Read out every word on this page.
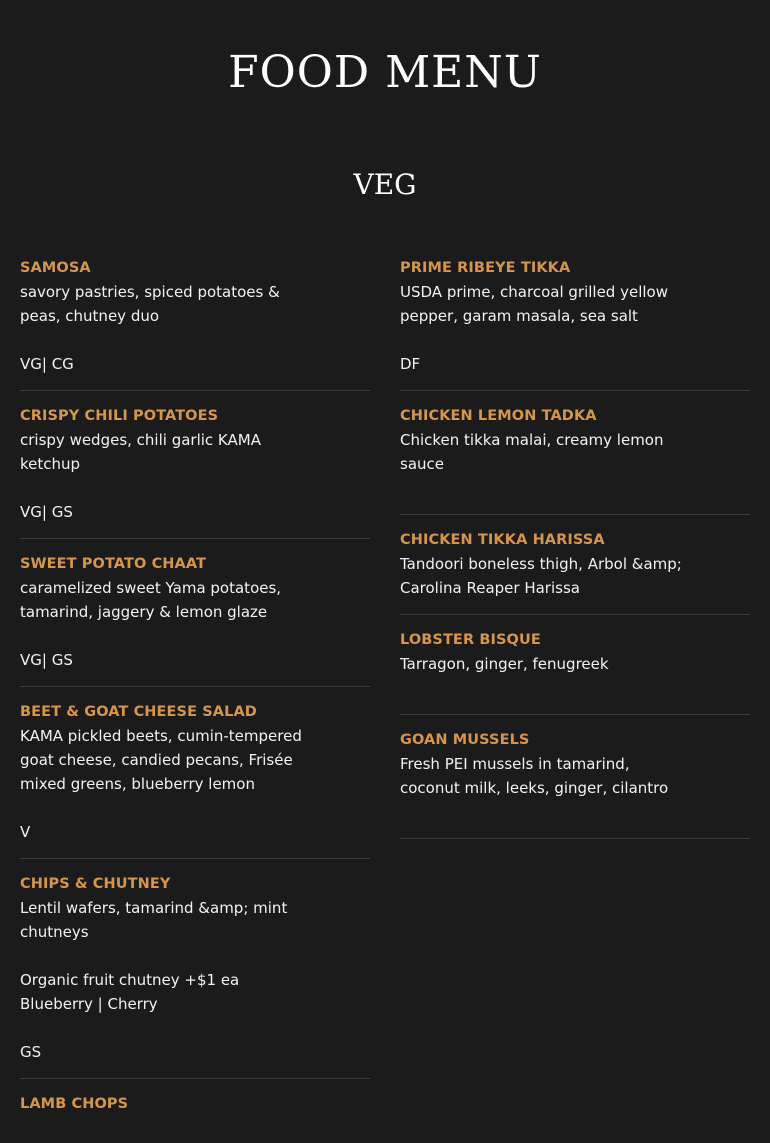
FOOD MENU
VEG

SAMOSA

savory pastries, spiced potatoes & peas, chutney duo

VG| CG

CRISPY CHILI POTATOES

crispy wedges, chili garlic KAMA ketchup

VG| GS

SWEET POTATO CHAAT

caramelized sweet Yama potatoes, tamarind, jaggery & lemon glaze

VG| GS

BEET & GOAT CHEESE SALAD

KAMA pickled beets, cumin-tempered goat cheese, candied pecans, Frisée mixed greens, blueberry lemon

V

CHIPS & CHUTNEY

Lentil wafers, tamarind &amp; mint chutneys

Organic fruit chutney +$1 ea
Blueberry | Cherry

GS

LAMB CHOPS

PRIME RIBEYE TIKKA

USDA prime, charcoal grilled yellow pepper, garam masala, sea salt

DF

CHICKEN LEMON TADKA

Chicken tikka malai, creamy lemon sauce

CHICKEN TIKKA HARISSA

Tandoori boneless thigh, Arbol &amp; Carolina Reaper Harissa

LOBSTER BISQUE

Tarragon, ginger, fenugreek

GOAN MUSSELS

Fresh PEI mussels in tamarind, coconut milk, leeks, ginger, cilantro
